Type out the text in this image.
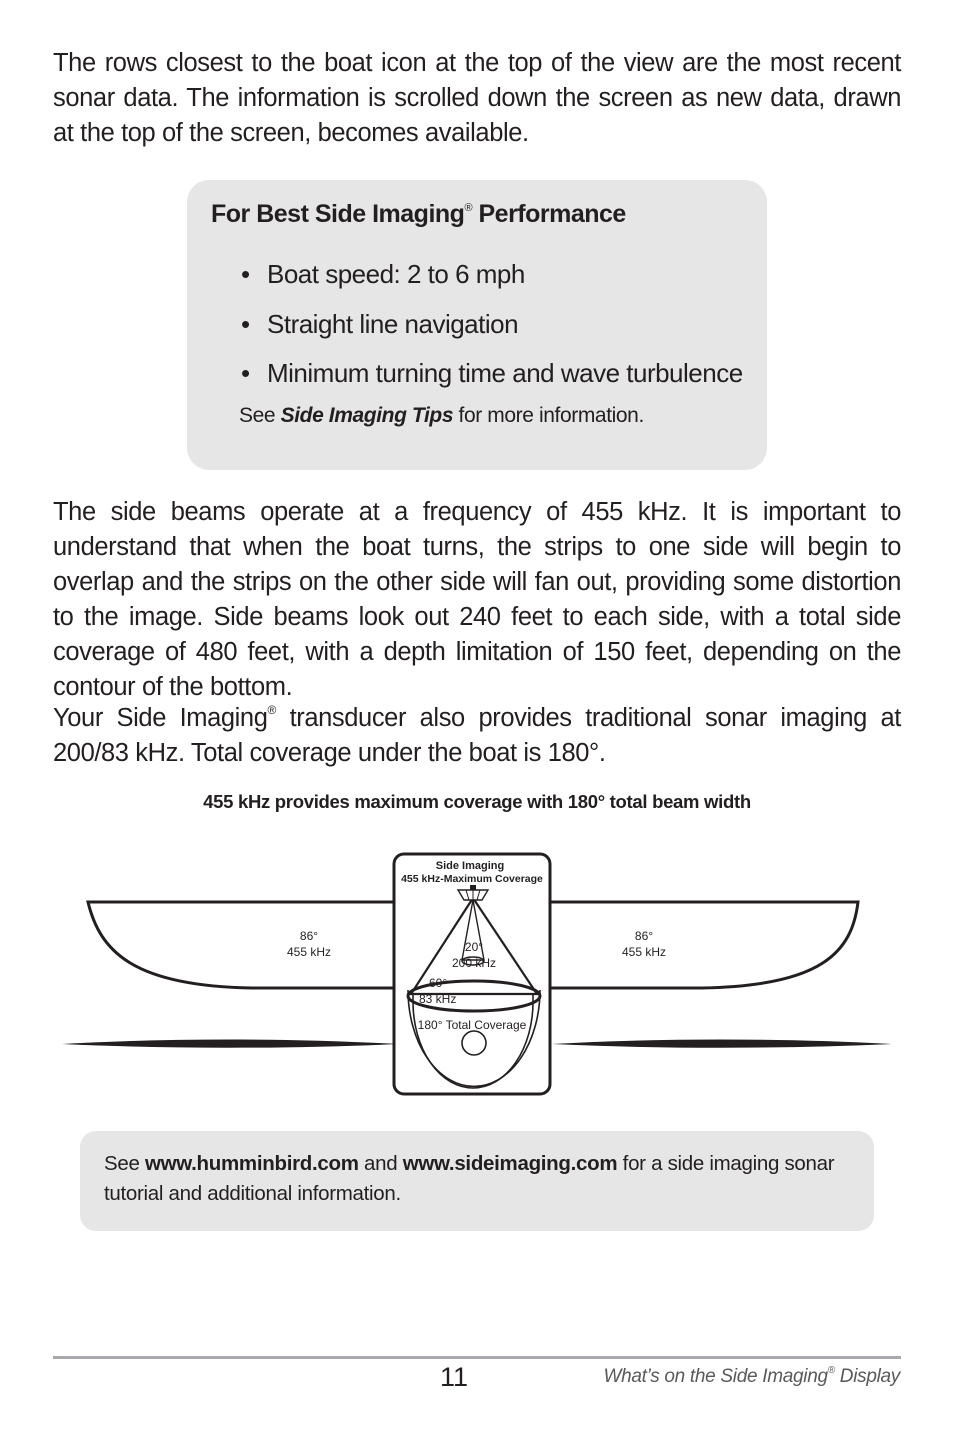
The rows closest to the boat icon at the top of the view are the most recent sonar data. The information is scrolled down the screen as new data, drawn at the top of the screen, becomes available.

For Best Side Imaging® Performance

• Boat speed: 2 to 6 mph
• Straight line navigation
• Minimum turning time and wave turbulence

See Side Imaging Tips for more information.

The side beams operate at a frequency of 455 kHz. It is important to understand that when the boat turns, the strips to one side will begin to overlap and the strips on the other side will fan out, providing some distortion to the image. Side beams look out 240 feet to each side, with a total side coverage of 480 feet, with a depth limitation of 150 feet, depending on the contour of the bottom.

Your Side Imaging® transducer also provides traditional sonar imaging at 200/83 kHz. Total coverage under the boat is 180°.

455 kHz provides maximum coverage with 180° total beam width

Side Imaging
455 kHz-Maximum Coverage
86°
455 kHz
86°
455 kHz
20°
200 kHz
60°
83 kHz
180° Total Coverage

See www.humminbird.com and www.sideimaging.com for a side imaging sonar tutorial and additional information.

11	What’s on the Side Imaging® Display
